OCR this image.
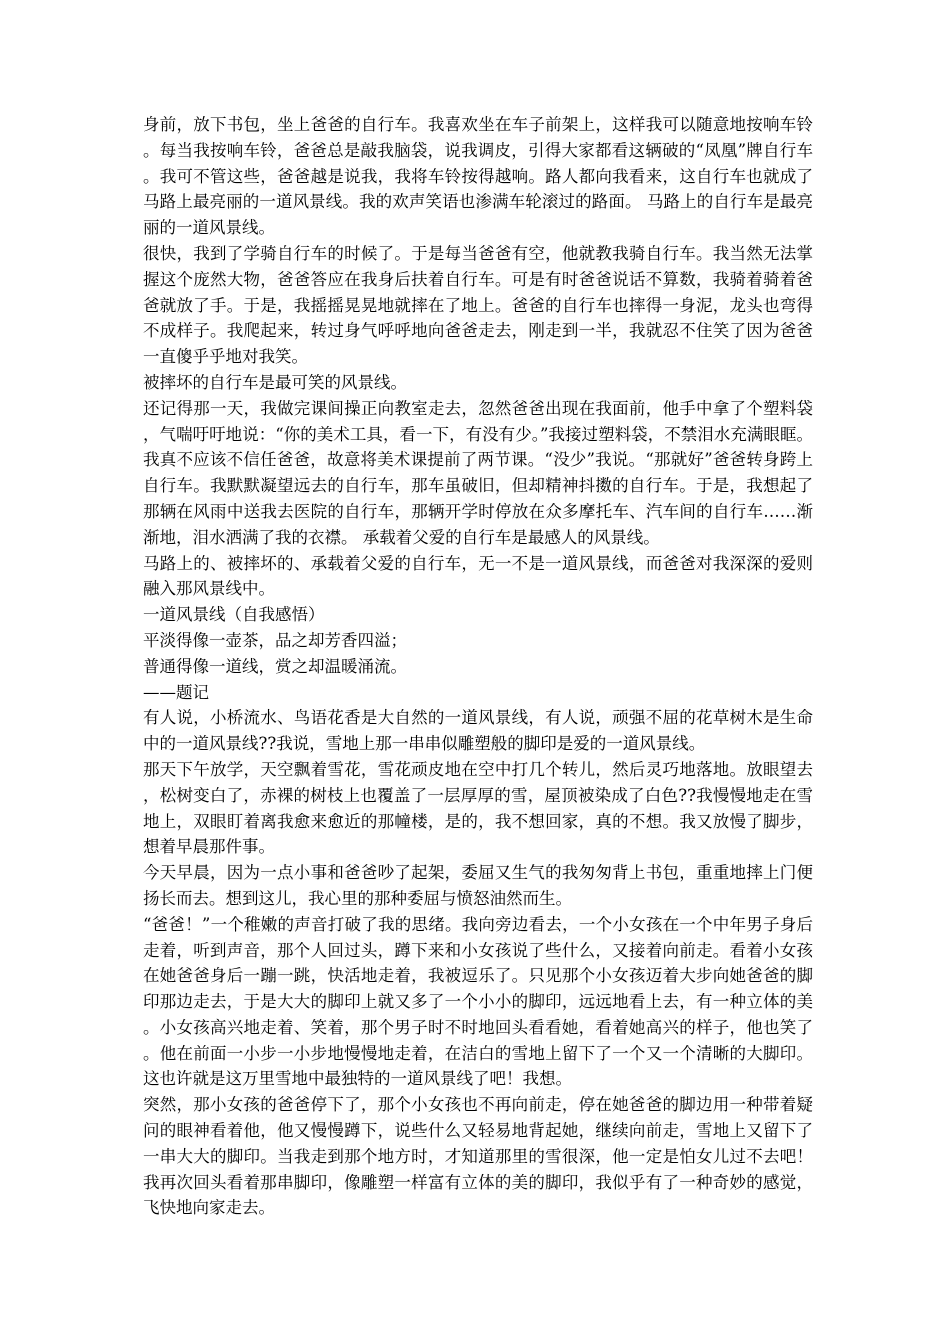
身前，放下书包，坐上爸爸的自行车。我喜欢坐在车子前架上，这样我可以随意地按响车铃。每当我按响车铃，爸爸总是敲我脑袋，说我调皮，引得大家都看这辆破的“凤凰”牌自行车。我可不管这些，爸爸越是说我，我将车铃按得越响。路人都向我看来，这自行车也就成了马路上最亮丽的一道风景线。我的欢声笑语也渗满车轮滚过的路面。 马路上的自行车是最亮丽的一道风景线。

很快，我到了学骑自行车的时候了。于是每当爸爸有空，他就教我骑自行车。我当然无法掌握这个庞然大物，爸爸答应在我身后扶着自行车。可是有时爸爸说话不算数，我骑着骑着爸爸就放了手。于是，我摇摇晃晃地就摔在了地上。爸爸的自行车也摔得一身泥，龙头也弯得不成样子。我爬起来，转过身气呼呼地向爸爸走去，刚走到一半，我就忍不住笑了因为爸爸一直傻乎乎地对我笑。

被摔坏的自行车是最可笑的风景线。

还记得那一天，我做完课间操正向教室走去，忽然爸爸出现在我面前，他手中拿了个塑料袋，气喘吁吁地说：“你的美术工具，看一下，有没有少。”我接过塑料袋，不禁泪水充满眼眶。我真不应该不信任爸爸，故意将美术课提前了两节课。“没少”我说。“那就好”爸爸转身跨上自行车。我默默凝望远去的自行车，那车虽破旧，但却精神抖擞的自行车。于是，我想起了那辆在风雨中送我去医院的自行车，那辆开学时停放在众多摩托车、汽车间的自行车……渐渐地，泪水洒满了我的衣襟。 承载着父爱的自行车是最感人的风景线。

马路上的、被摔坏的、承载着父爱的自行车，无一不是一道风景线，而爸爸对我深深的爱则融入那风景线中。

一道风景线（自我感悟）

平淡得像一壶茶，品之却芳香四溢；

普通得像一道线，赏之却温暖涌流。

——题记

有人说，小桥流水、鸟语花香是大自然的一道风景线，有人说，顽强不屈的花草树木是生命中的一道风景线??我说，雪地上那一串串似雕塑般的脚印是爱的一道风景线。

那天下午放学，天空飘着雪花，雪花顽皮地在空中打几个转儿，然后灵巧地落地。放眼望去，松树变白了，赤裸的树枝上也覆盖了一层厚厚的雪，屋顶被染成了白色??我慢慢地走在雪地上，双眼盯着离我愈来愈近的那幢楼，是的，我不想回家，真的不想。我又放慢了脚步，想着早晨那件事。

今天早晨，因为一点小事和爸爸吵了起架，委屈又生气的我匆匆背上书包，重重地摔上门便扬长而去。想到这儿，我心里的那种委屈与愤怒油然而生。

“爸爸！”一个稚嫩的声音打破了我的思绪。我向旁边看去，一个小女孩在一个中年男子身后走着，听到声音，那个人回过头，蹲下来和小女孩说了些什么，又接着向前走。看着小女孩在她爸爸身后一蹦一跳，快活地走着，我被逗乐了。只见那个小女孩迈着大步向她爸爸的脚印那边走去，于是大大的脚印上就又多了一个小小的脚印，远远地看上去，有一种立体的美。小女孩高兴地走着、笑着，那个男子时不时地回头看看她，看着她高兴的样子，他也笑了。他在前面一小步一小步地慢慢地走着，在洁白的雪地上留下了一个又一个清晰的大脚印。这也许就是这万里雪地中最独特的一道风景线了吧！我想。

突然，那小女孩的爸爸停下了，那个小女孩也不再向前走，停在她爸爸的脚边用一种带着疑问的眼神看着他，他又慢慢蹲下，说些什么又轻易地背起她，继续向前走，雪地上又留下了一串大大的脚印。当我走到那个地方时，才知道那里的雪很深，他一定是怕女儿过不去吧！我再次回头看着那串脚印，像雕塑一样富有立体的美的脚印，我似乎有了一种奇妙的感觉，飞快地向家走去。
